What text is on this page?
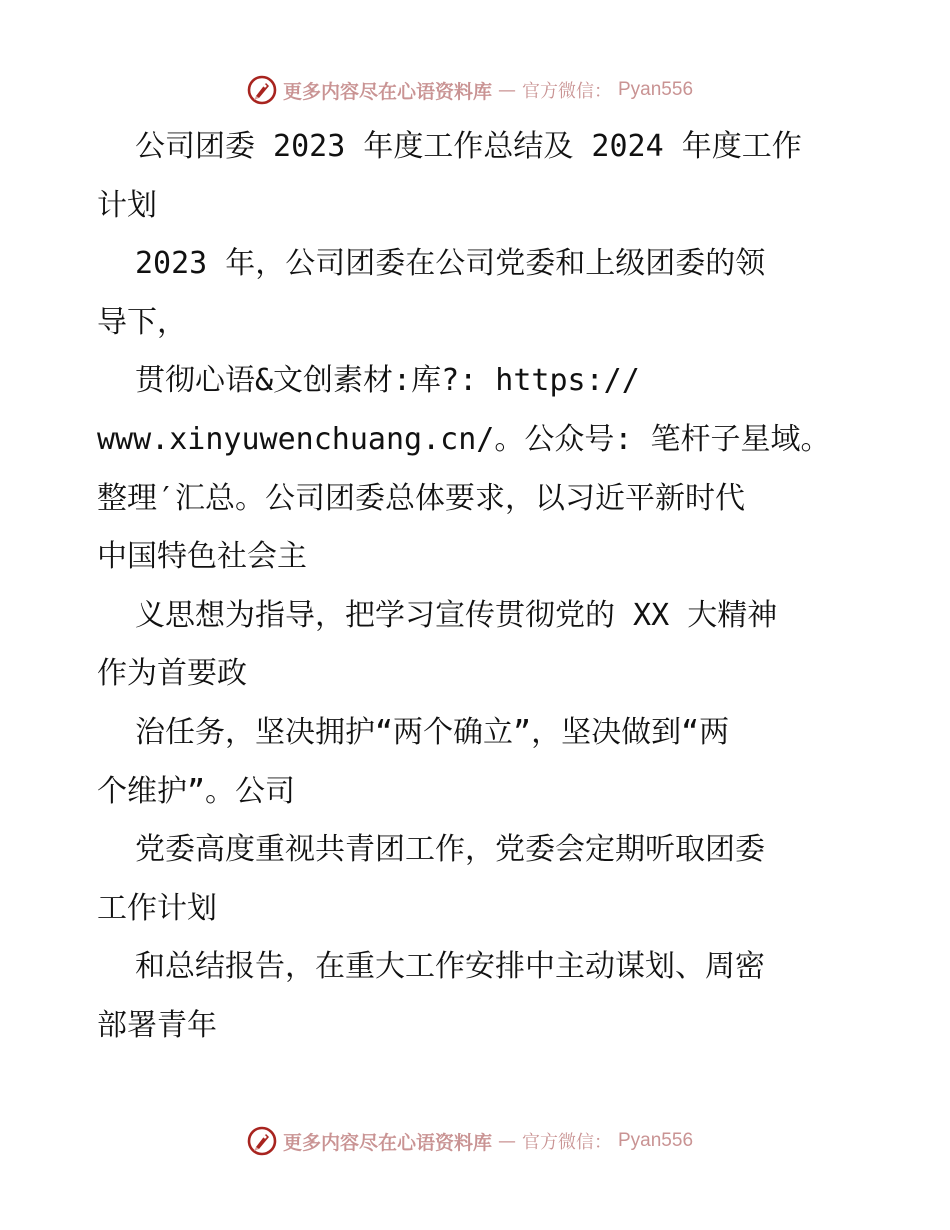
更多内容尽在心语资料库 — 官方微信： Pyan556
公司团委 2023 年度工作总结及 2024 年度工作
计划
2023 年，公司团委在公司党委和上级团委的领
导下，
贯彻心语&文创素材:库?: https://
www.xinyuwenchuang.cn/。公众号: 笔杆子星域。
整理′汇总。公司团委总体要求，以习近平新时代
中国特色社会主
义思想为指导，把学习宣传贯彻党的 XX 大精神
作为首要政
治任务，坚决拥护“两个确立”，坚决做到“两
个维护”。公司
党委高度重视共青团工作，党委会定期听取团委
工作计划
和总结报告，在重大工作安排中主动谋划、周密
部署青年
更多内容尽在心语资料库 — 官方微信： Pyan556
